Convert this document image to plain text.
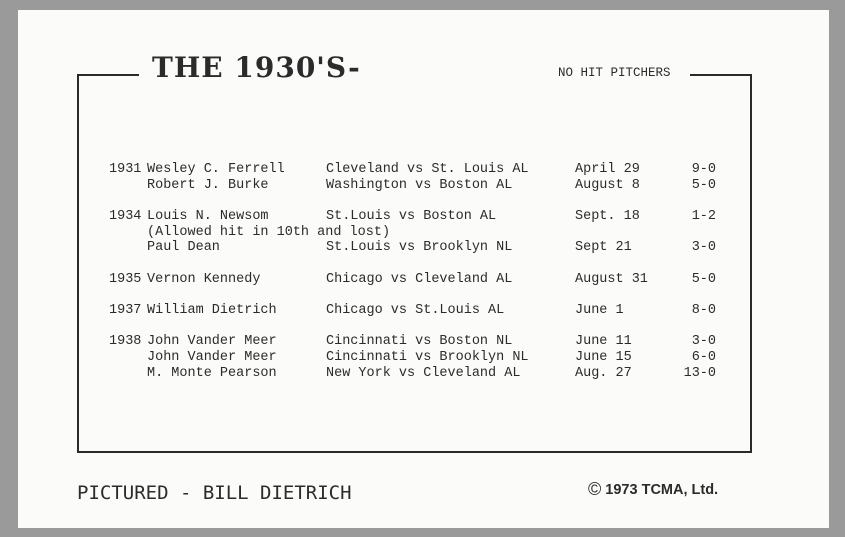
THE 1930'S-	NO HIT PITCHERS
1931 Wesley C. Ferrell	Cleveland vs St. Louis AL	April 29	9-0
Robert J. Burke	Washington vs Boston AL	August 8	5-0
1934 Louis N. Newsom	St.Louis vs Boston AL	Sept. 18	1-2
(Allowed hit in 10th and lost)
Paul Dean	St.Louis vs Brooklyn NL	Sept 21	3-0
1935 Vernon Kennedy	Chicago vs Cleveland AL	August 31	5-0
1937 William Dietrich	Chicago vs St.Louis AL	June 1	8-0
1938 John Vander Meer	Cincinnati vs Boston NL	June 11	3-0
John Vander Meer	Cincinnati vs Brooklyn NL	June 15	6-0
M. Monte Pearson	New York vs Cleveland AL	Aug. 27	13-0
PICTURED - BILL DIETRICH	© 1973 TCMA, Ltd.
